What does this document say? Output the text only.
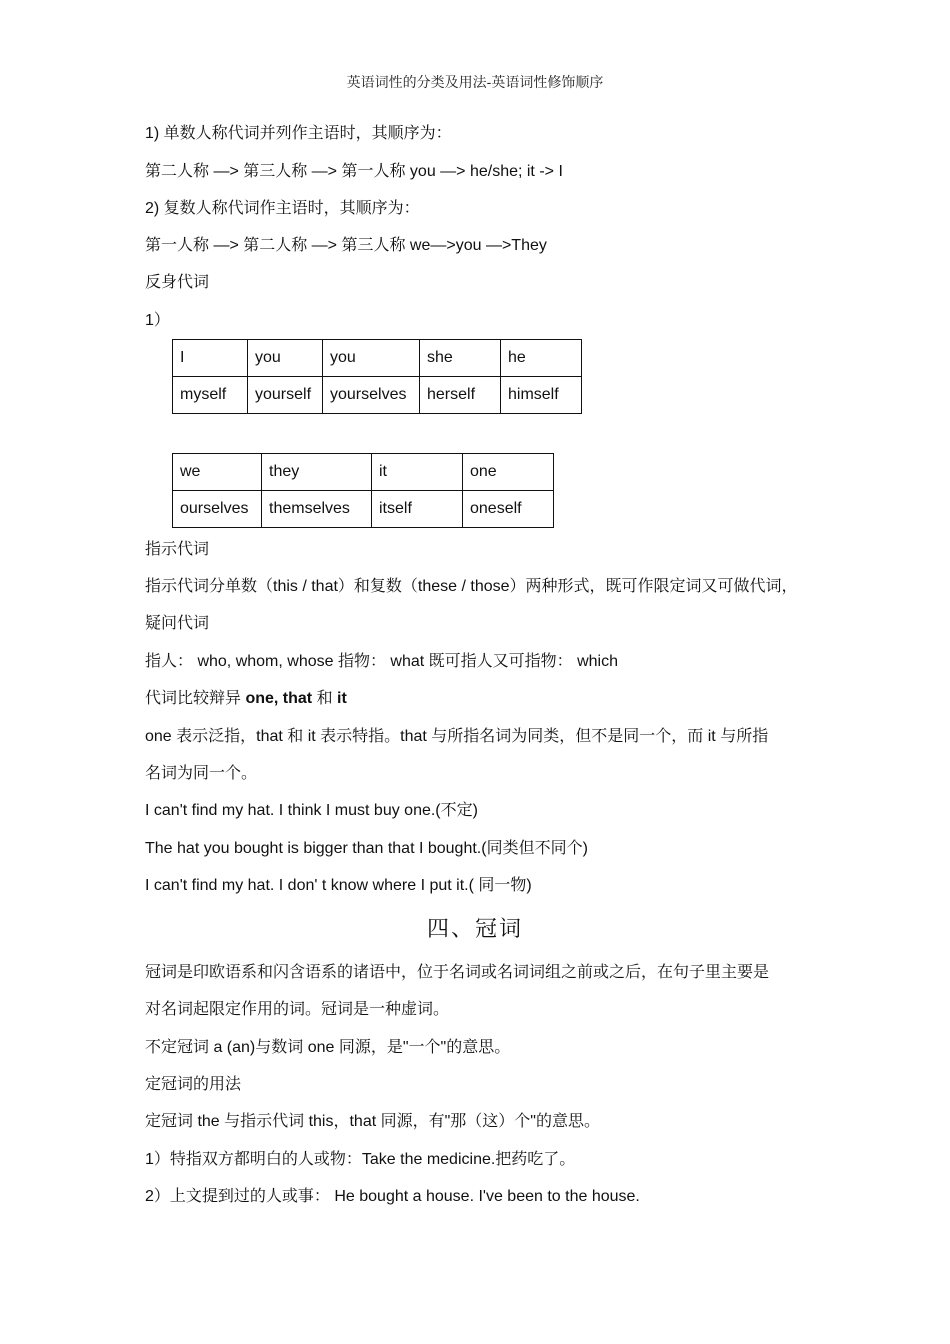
英语词性的分类及用法-英语词性修饰顺序
1) 单数人称代词并列作主语时，其顺序为：
第二人称 —> 第三人称 —> 第一人称 you —> he/she; it -> I
2) 复数人称代词作主语时，其顺序为：
第一人称 —> 第二人称 —> 第三人称 we—>you —>They
反身代词
1）
I	you	you	she	he
myself	yourself	yourselves	herself	himself
we	they	it	one
ourselves	themselves	itself	oneself
指示代词
指示代词分单数（this / that）和复数（these / those）两种形式，既可作限定词又可做代词，
疑问代词
指人： who, whom, whose 指物： what 既可指人又可指物： which
代词比较辩异 one, that 和 it
one 表示泛指，that 和 it 表示特指。that 与所指名词为同类，但不是同一个，而 it 与所指
名词为同一个。
I can't find my hat. I think I must buy one.(不定)
The hat you bought is bigger than that I bought.(同类但不同个)
I can't find my hat. I don' t know where I put it.( 同一物)
四、冠词
冠词是印欧语系和闪含语系的诸语中，位于名词或名词词组之前或之后，在句子里主要是
对名词起限定作用的词。冠词是一种虚词。
不定冠词 a (an)与数词 one 同源，是"一个"的意思。
定冠词的用法
定冠词 the 与指示代词 this，that 同源，有"那（这）个"的意思。
1）特指双方都明白的人或物：Take the medicine.把药吃了。
2）上文提到过的人或事： He bought a house. I've been to the house.
